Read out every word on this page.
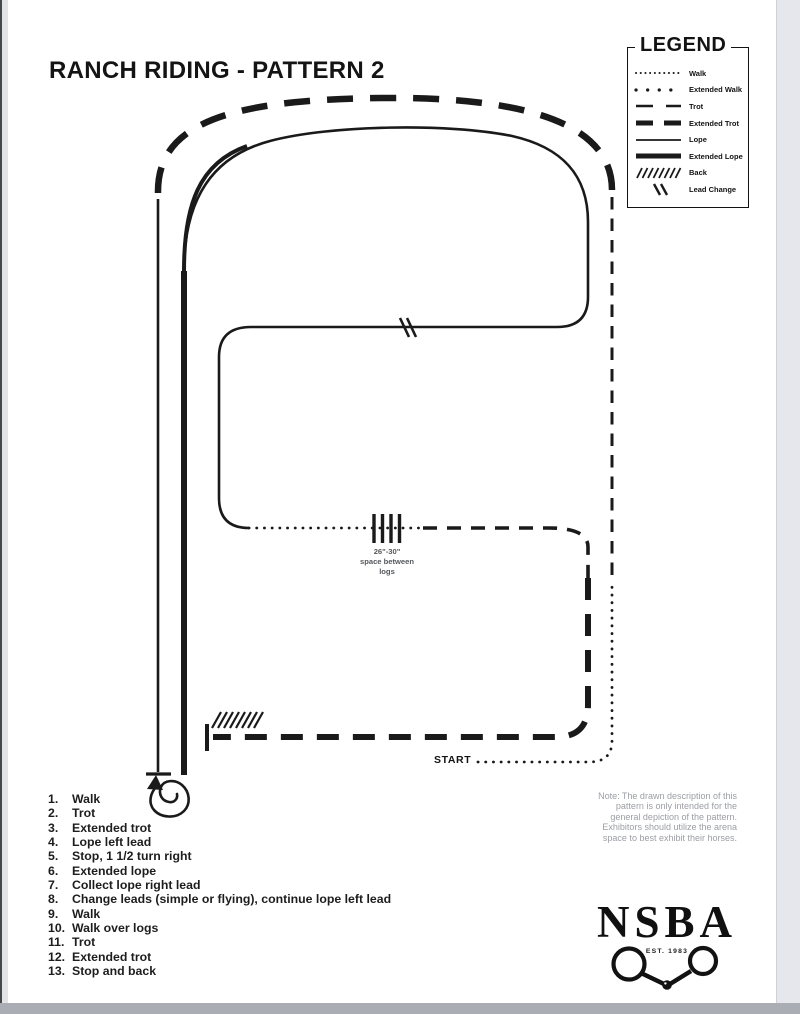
RANCH RIDING - PATTERN 2
START
26"-30"
space between
logs
LEGEND
Walk
Extended Walk
Trot
Extended Trot
Lope
Extended Lope
Back
Lead Change
1.	Walk
2.	Trot
3.	Extended trot
4.	Lope left lead
5.	Stop, 1 1/2 turn right
6.	Extended lope
7.	Collect lope right lead
8.	Change leads (simple or flying), continue lope left lead
9.	Walk
10. Walk over logs
11. Trot
12. Extended trot
13. Stop and back
Note: The drawn description of this
pattern is only intended for the
general depiction of the pattern.
Exhibitors should utilize the arena
space to best exhibit their horses.
NSBA
EST. 1983
